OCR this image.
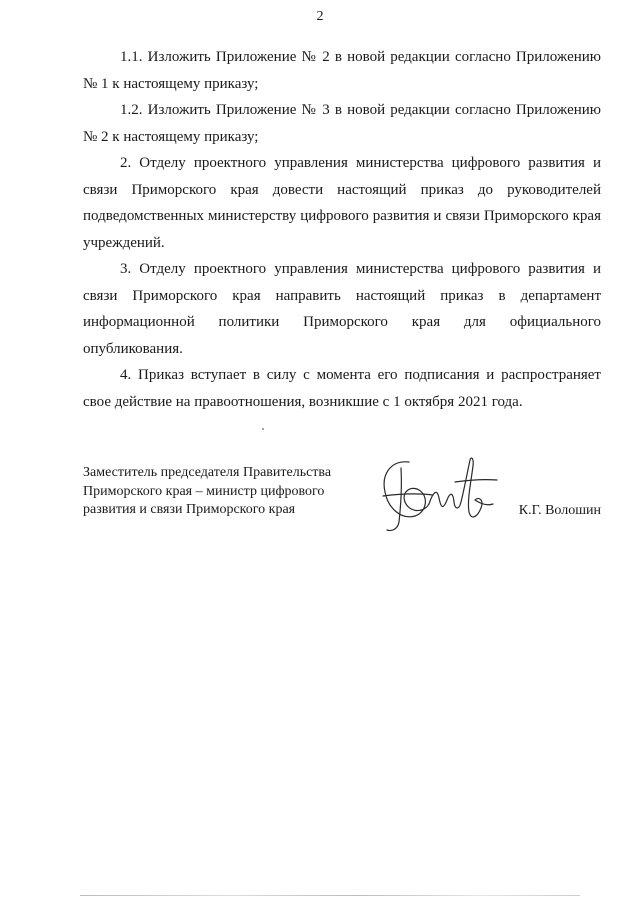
2

1.1. Изложить Приложение № 2 в новой редакции согласно Приложению № 1 к настоящему приказу;

1.2. Изложить Приложение № 3 в новой редакции согласно Приложению № 2 к настоящему приказу;

2. Отделу проектного управления министерства цифрового развития и связи Приморского края довести настоящий приказ до руководителей подведомственных министерству цифрового развития и связи Приморского края учреждений.

3. Отделу проектного управления министерства цифрового развития и связи Приморского края направить настоящий приказ в департамент информационной политики Приморского края для официального опубликования.

4. Приказ вступает в силу с момента его подписания и распространяет свое действие на правоотношения, возникшие с 1 октября 2021 года.

Заместитель председателя Правительства
Приморского края – министр цифрового
развития и связи Приморского края	К.Г. Волошин
